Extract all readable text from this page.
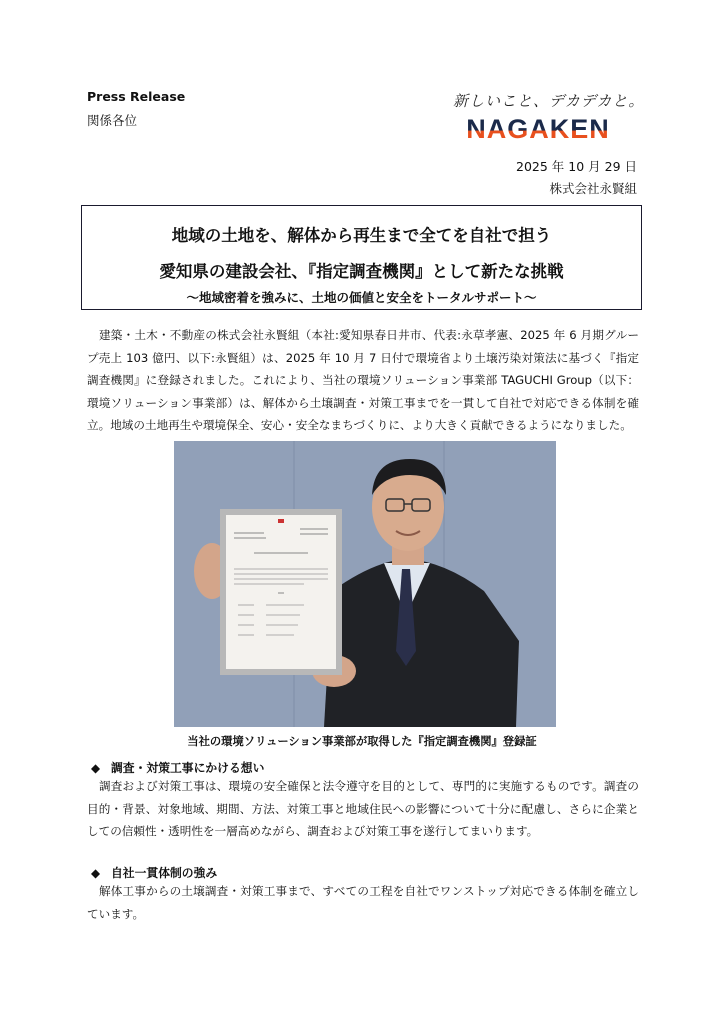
Press Release
関係各位
新しいこと、デカデカと。
NAGAKEN
2025 年 10 月 29 日
株式会社永賢組
地域の土地を、解体から再生まで全てを自社で担う
愛知県の建設会社、『指定調査機関』として新たな挑戦
～地域密着を強みに、土地の価値と安全をトータルサポート～

建築・土木・不動産の株式会社永賢組（本社:愛知県春日井市、代表:永草孝憲、2025 年 6 月期グループ売上 103 億円、以下:永賢組）は、2025 年 10 月 7 日付で環境省より土壌汚染対策法に基づく『指定調査機関』に登録されました。これにより、当社の環境ソリューション事業部 TAGUCHI Group（以下：環境ソリューション事業部）は、解体から土壌調査・対策工事までを一貫して自社で対応できる体制を確立。地域の土地再生や環境保全、安心・安全なまちづくりに、より大きく貢献できるようになりました。

当社の環境ソリューション事業部が取得した『指定調査機関』登録証
◆ 調査・対策工事にかける想い

調査および対策工事は、環境の安全確保と法令遵守を目的として、専門的に実施するものです。調査の目的・背景、対象地域、期間、方法、対策工事と地域住民への影響について十分に配慮し、さらに企業としての信頼性・透明性を一層高めながら、調査および対策工事を遂行してまいります。

◆ 自社一貫体制の強み

解体工事からの土壌調査・対策工事まで、すべての工程を自社でワンストップ対応できる体制を確立しています。
